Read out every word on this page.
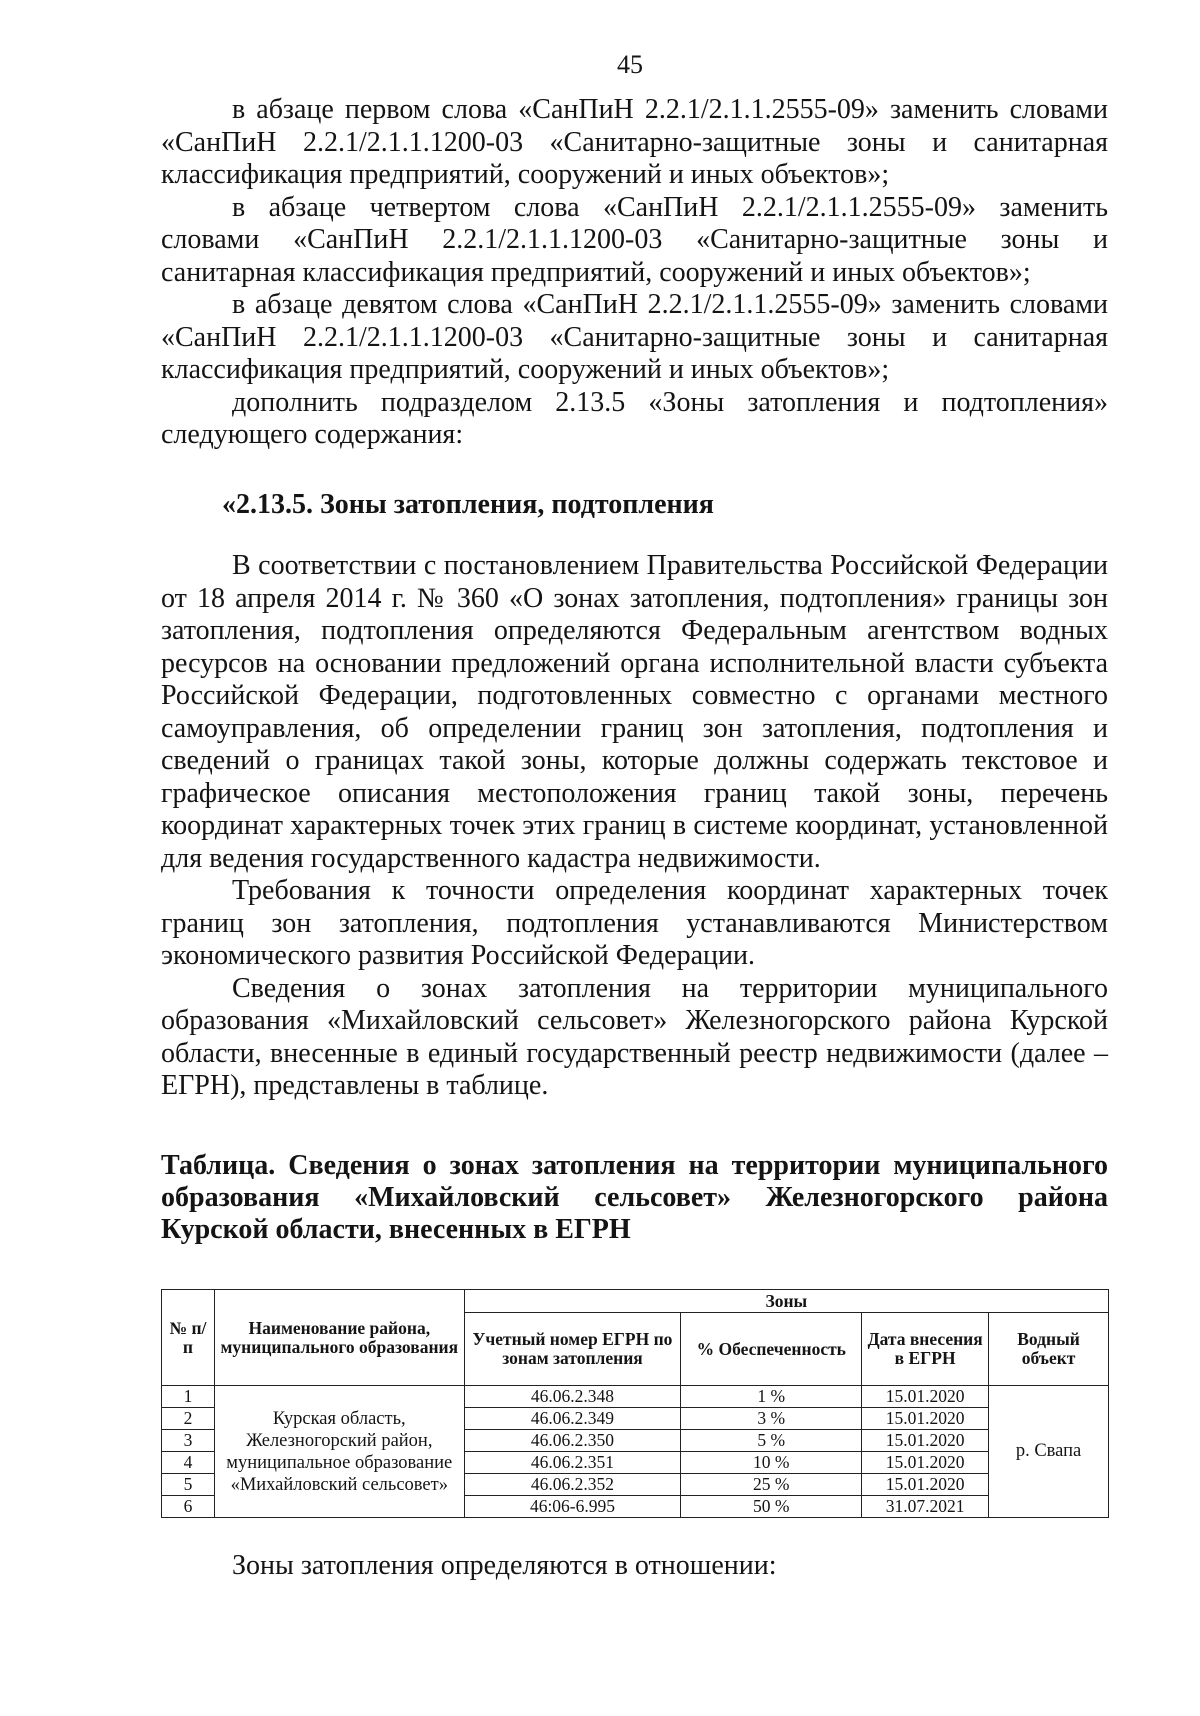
45

в абзаце первом слова «СанПиН 2.2.1/2.1.1.2555-09» заменить словами «СанПиН 2.2.1/2.1.1.1200-03 «Санитарно-защитные зоны и санитарная классификация предприятий, сооружений и иных объектов»;

в абзаце четвертом слова «СанПиН 2.2.1/2.1.1.2555-09» заменить словами «СанПиН 2.2.1/2.1.1.1200-03 «Санитарно-защитные зоны и санитарная классификация предприятий, сооружений и иных объектов»;

в абзаце девятом слова «СанПиН 2.2.1/2.1.1.2555-09» заменить словами «СанПиН 2.2.1/2.1.1.1200-03 «Санитарно-защитные зоны и санитарная классификация предприятий, сооружений и иных объектов»;

дополнить подразделом 2.13.5 «Зоны затопления и подтопления» следующего содержания:

«2.13.5. Зоны затопления, подтопления

В соответствии с постановлением Правительства Российской Федерации от 18 апреля 2014 г. № 360 «О зонах затопления, подтопления» границы зон затопления, подтопления определяются Федеральным агентством водных ресурсов на основании предложений органа исполнительной власти субъекта Российской Федерации, подготовленных совместно с органами местного самоуправления, об определении границ зон затопления, подтопления и сведений о границах такой зоны, которые должны содержать текстовое и графическое описания местоположения границ такой зоны, перечень координат характерных точек этих границ в системе координат, установленной для ведения государственного кадастра недвижимости.

Требования к точности определения координат характерных точек границ зон затопления, подтопления устанавливаются Министерством экономического развития Российской Федерации.

Сведения о зонах затопления на территории муниципального образования «Михайловский сельсовет» Железногорского района Курской области, внесенные в единый государственный реестр недвижимости (далее – ЕГРН), представлены в таблице.

Таблица. Сведения о зонах затопления на территории муниципального образования «Михайловский сельсовет» Железногорского района Курской области, внесенных в ЕГРН
№ п/п	Наименование района, муниципального образования	Зоны			
		Учетный номер ЕГРН по зонам затопления	% Обеспеченность	Дата внесения в ЕГРН	Водный объект
1	Курская область, Железногорский район, муниципальное образование «Михайловский сельсовет»	46.06.2.348	1 %	15.01.2020	р. Свапа
2		46.06.2.349	3 %	15.01.2020	
3		46.06.2.350	5 %	15.01.2020	
4		46.06.2.351	10 %	15.01.2020	
5		46.06.2.352	25 %	15.01.2020	
6		46:06-6.995	50 %	31.07.2021	
Зоны затопления определяются в отношении:
